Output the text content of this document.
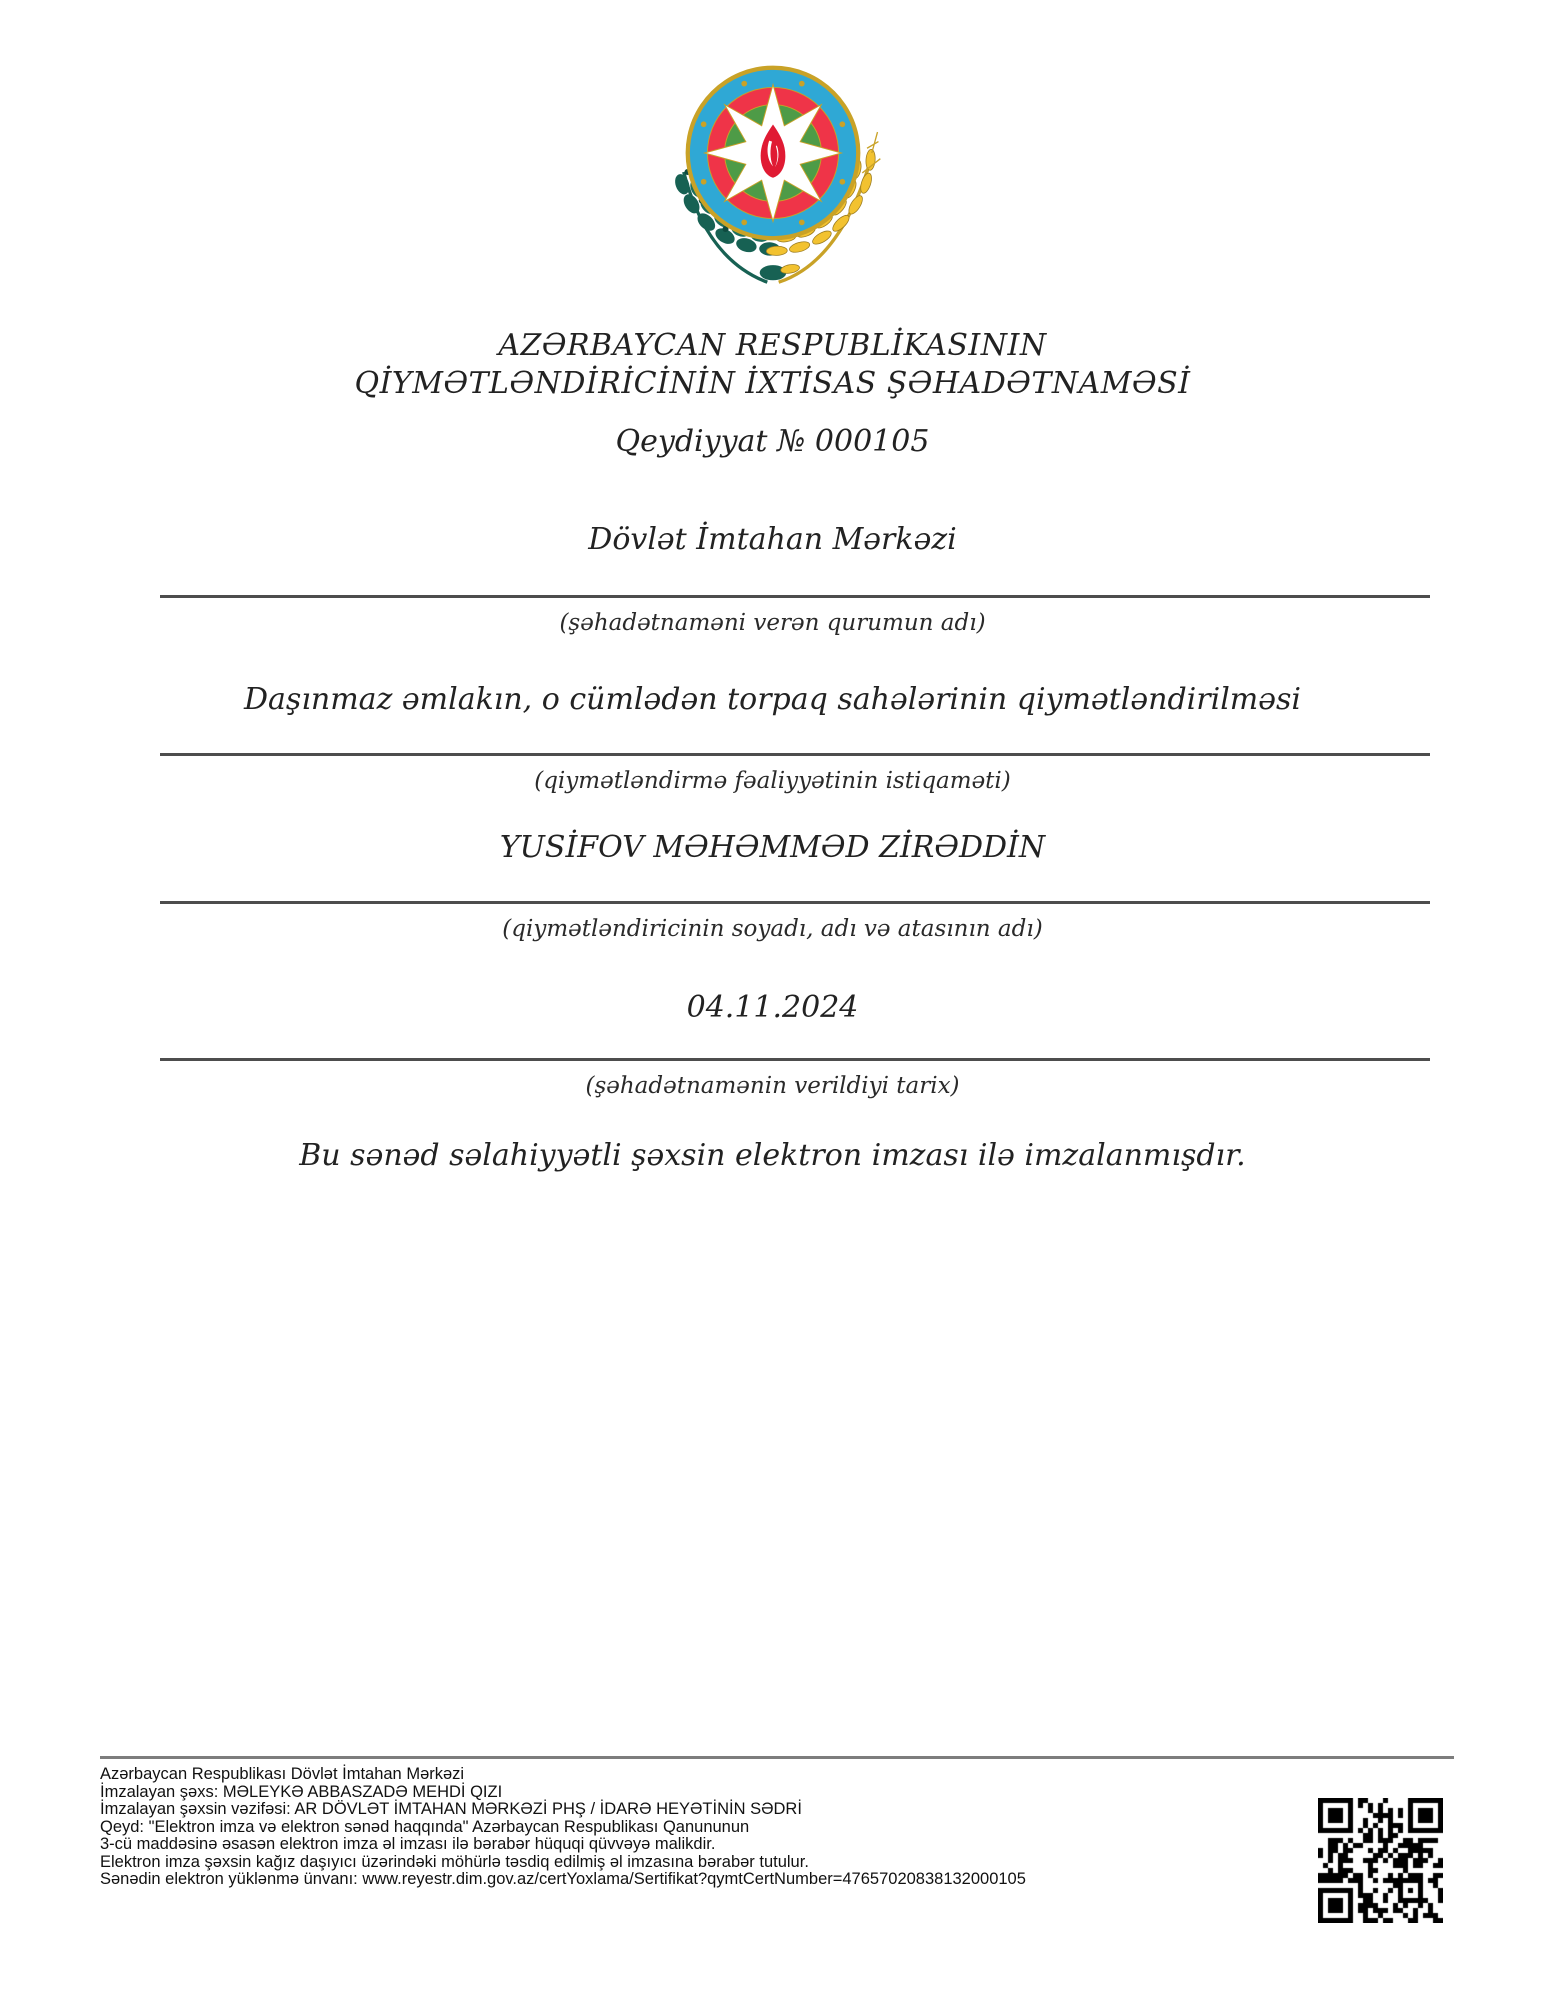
AZƏRBAYCAN RESPUBLİKASININ
QİYMƏTLƏNDİRİCİNİN İXTİSAS ŞƏHADƏTNAMƏSİ
Qeydiyyat № 000105
Dövlət İmtahan Mərkəzi
(şəhadətnaməni verən qurumun adı)
Daşınmaz əmlakın, o cümlədən torpaq sahələrinin qiymətləndirilməsi
(qiymətləndirmə fəaliyyətinin istiqaməti)
YUSİFOV MƏHƏMMƏD ZİRƏDDİN
(qiymətləndiricinin soyadı, adı və atasının adı)
04.11.2024
(şəhadətnamənin verildiyi tarix)
Bu sənəd səlahiyyətli şəxsin elektron imzası ilə imzalanmışdır.
Azərbaycan Respublikası Dövlət İmtahan Mərkəzi
İmzalayan şəxs: MƏLEYKƏ ABBASZADƏ MEHDİ QIZI
İmzalayan şəxsin vəzifəsi: AR DÖVLƏT İMTAHAN MƏRKƏZİ PHŞ / İDARƏ HEYƏTİNİN SƏDRİ
Qeyd: "Elektron imza və elektron sənəd haqqında" Azərbaycan Respublikası Qanununun
3-cü maddəsinə əsasən elektron imza əl imzası ilə bərabər hüquqi qüvvəyə malikdir.
Elektron imza şəxsin kağız daşıyıcı üzərindəki möhürlə təsdiq edilmiş əl imzasına bərabər tutulur.
Sənədin elektron yüklənmə ünvanı: www.reyestr.dim.gov.az/certYoxlama/Sertifikat?qymtCertNumber=47657020838132000105
